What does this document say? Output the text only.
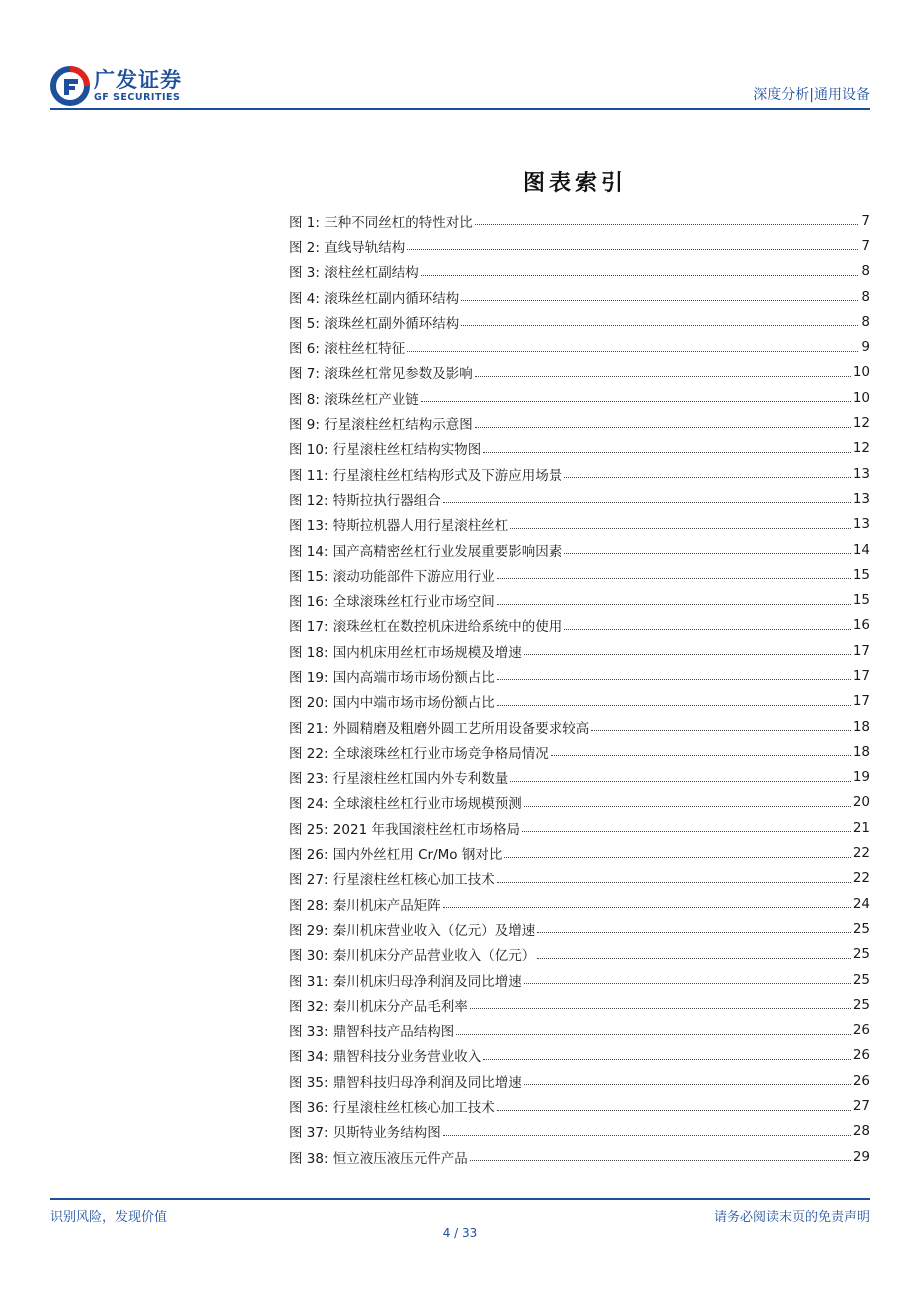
广发证券
GF SECURITIES	深度分析|通用设备
图表索引
图 1: 三种不同丝杠的特性对比	7
图 2: 直线导轨结构	7
图 3: 滚柱丝杠副结构	8
图 4: 滚珠丝杠副内循环结构	8
图 5: 滚珠丝杠副外循环结构	8
图 6: 滚柱丝杠特征	9
图 7: 滚珠丝杠常见参数及影响	10
图 8: 滚珠丝杠产业链	10
图 9: 行星滚柱丝杠结构示意图	12
图 10: 行星滚柱丝杠结构实物图	12
图 11: 行星滚柱丝杠结构形式及下游应用场景	13
图 12: 特斯拉执行器组合	13
图 13: 特斯拉机器人用行星滚柱丝杠	13
图 14: 国产高精密丝杠行业发展重要影响因素	14
图 15: 滚动功能部件下游应用行业	15
图 16: 全球滚珠丝杠行业市场空间	15
图 17: 滚珠丝杠在数控机床进给系统中的使用	16
图 18: 国内机床用丝杠市场规模及增速	17
图 19: 国内高端市场市场份额占比	17
图 20: 国内中端市场市场份额占比	17
图 21: 外圆精磨及粗磨外圆工艺所用设备要求较高	18
图 22: 全球滚珠丝杠行业市场竞争格局情况	18
图 23: 行星滚柱丝杠国内外专利数量	19
图 24: 全球滚柱丝杠行业市场规模预测	20
图 25: 2021 年我国滚柱丝杠市场格局	21
图 26: 国内外丝杠用 Cr/Mo 钢对比	22
图 27: 行星滚柱丝杠核心加工技术	22
图 28: 秦川机床产品矩阵	24
图 29: 秦川机床营业收入（亿元）及增速	25
图 30: 秦川机床分产品营业收入（亿元）	25
图 31: 秦川机床归母净利润及同比增速	25
图 32: 秦川机床分产品毛利率	25
图 33: 鼎智科技产品结构图	26
图 34: 鼎智科技分业务营业收入	26
图 35: 鼎智科技归母净利润及同比增速	26
图 36: 行星滚柱丝杠核心加工技术	27
图 37: 贝斯特业务结构图	28
图 38: 恒立液压液压元件产品	29
识别风险，发现价值	请务必阅读末页的免责声明
4 / 33
